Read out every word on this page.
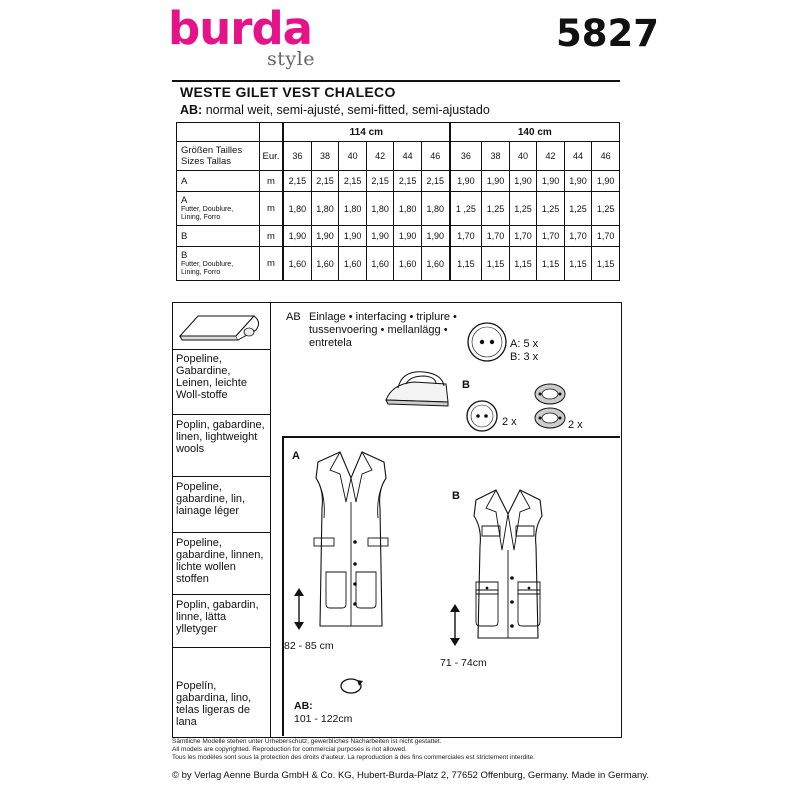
burda
style
5827
WESTE GILET VEST CHALECO
AB: normal weit, semi-ajusté, semi-fitted, semi-ajustado
		114 cm						140 cm					

Größen Tailles
Sizes Tallas	Eur.	36	38	40	42	44	46	36	38	40	42	44	46

A	m	2,15	2,15	2,15	2,15	2,15	2,15	1,90	1,90	1,90	1,90	1,90	1,90

A
Futter, Doublure, Lining, Forro	m	1,80	1,80	1,80	1,80	1,80	1,80	1 ,25	1,25	1,25	1,25	1,25	1,25

B	m	1,90	1,90	1,90	1,90	1,90	1,90	1,70	1,70	1,70	1,70	1,70	1,70

B
Futter, Doublure, Lining, Forro	m	1,60	1,60	1,60	1,60	1,60	1,60	1,15	1,15	1,15	1,15	1,15	1,15
Popeline, Gabardine, Leinen, leichte Woll-stoffe
Poplin, gabardine, linen, lightweight wools
Popeline, gabardine, lin, lainage léger
Popeline, gabardine, linnen, lichte wollen stoffen
Poplin, gabardin, linne, lätta ylletyger
Popelín, gabardina, lino, telas ligeras de lana
AB Einlage • interfacing • triplure •
tussenvoering • mellanlägg •
entretela	A: 5 x
B: 3 x
B
2 x	2 x
A
82 - 85 cm
B
71 - 74cm
AB:
101 - 122cm
Sämtliche Modelle stehen unter Urheberschutz, gewerbliches Nacharbeiten ist nicht gestattet.
All models are copyrighted. Reproduction for commercial purposes is not allowed.
Tous les modèles sont sous la protection des droits d'auteur. La reproduction à des fins commerciales est strictement interdite.
© by Verlag Aenne Burda GmbH & Co. KG, Hubert-Burda-Platz 2, 77652 Offenburg, Germany. Made in Germany.
